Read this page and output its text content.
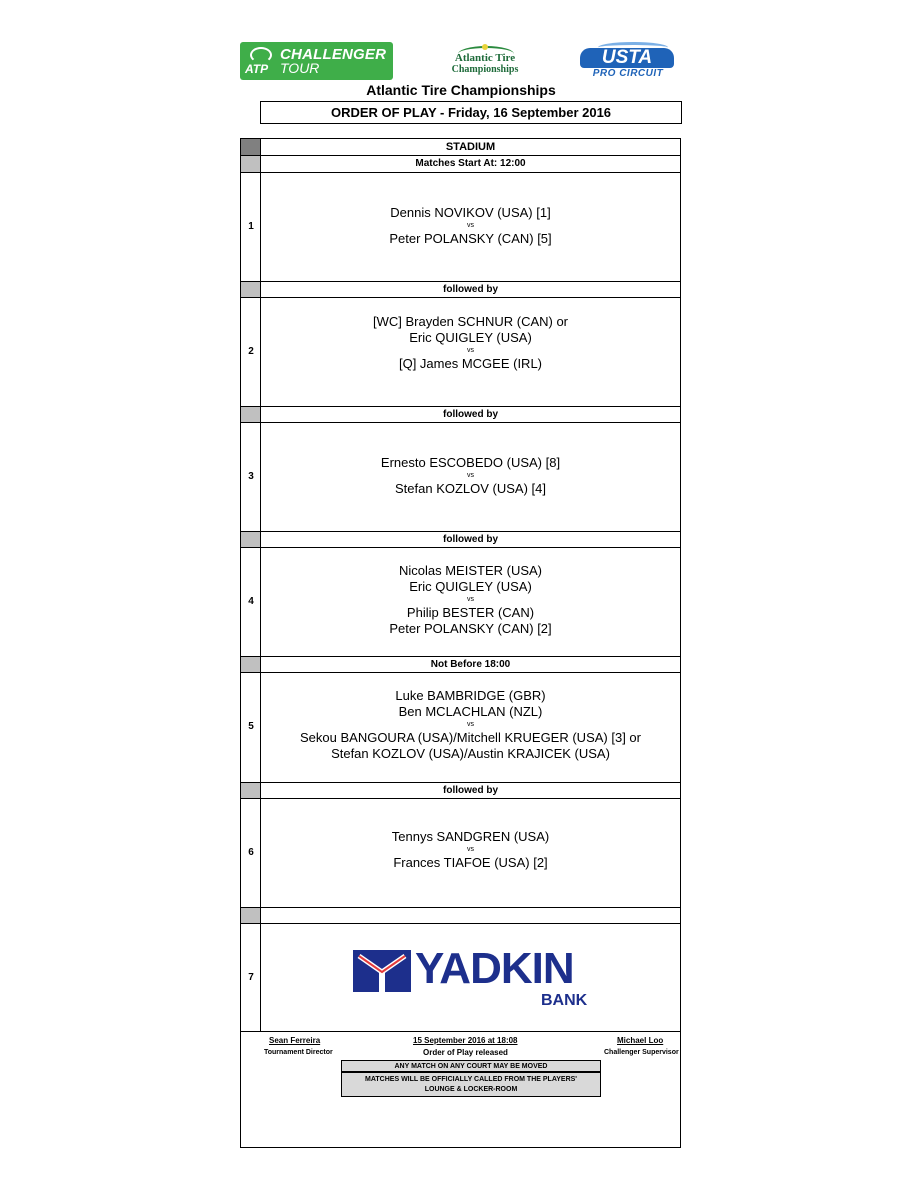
ATP
CHALLENGER
TOUR
Atlantic Tire
Championships
USTA
PRO CIRCUIT
Atlantic Tire Championships
ORDER OF PLAY - Friday, 16 September 2016
STADIUM
Matches Start At: 12:00
1
Dennis NOVIKOV (USA) [1]
vs
Peter POLANSKY (CAN) [5]
followed by
2
[WC] Brayden SCHNUR (CAN) or
Eric QUIGLEY (USA)
vs
[Q] James MCGEE (IRL)
followed by
3
Ernesto ESCOBEDO (USA) [8]
vs
Stefan KOZLOV (USA) [4]
followed by
4
Nicolas MEISTER (USA)
Eric QUIGLEY (USA)
vs
Philip BESTER (CAN)
Peter POLANSKY (CAN) [2]
Not Before 18:00
5
Luke BAMBRIDGE (GBR)
Ben MCLACHLAN (NZL)
vs
Sekou BANGOURA (USA)/Mitchell KRUEGER (USA) [3] or
Stefan KOZLOV (USA)/Austin KRAJICEK (USA)
followed by
6
Tennys SANDGREN (USA)
vs
Frances TIAFOE (USA) [2]
7	YADKIN
BANK
Sean Ferreira
Tournament Director
15 September 2016 at 18:08
Order of Play released
Michael Loo
Challenger Supervisor
ANY MATCH ON ANY COURT MAY BE MOVED
MATCHES WILL BE OFFICIALLY CALLED FROM THE PLAYERS' LOUNGE & LOCKER-ROOM
